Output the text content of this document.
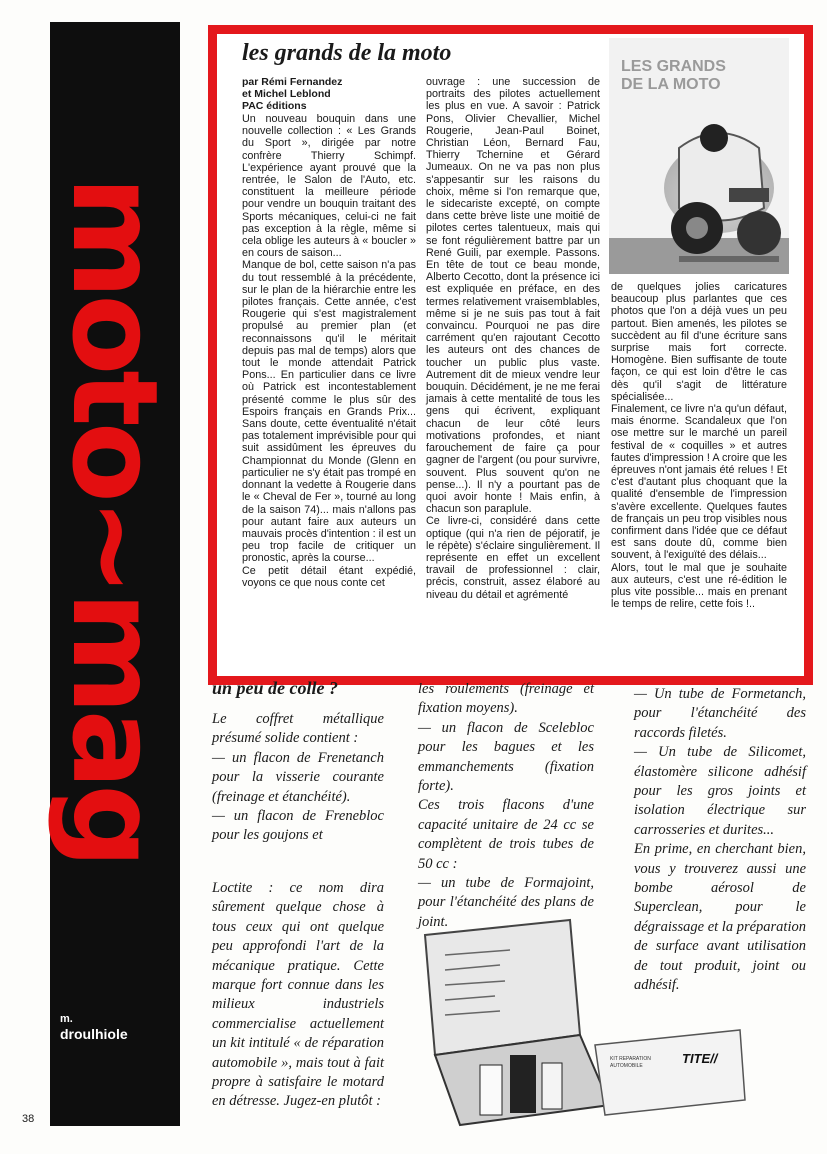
moto~mag
m.
droulhiole
38
les grands de la moto
par Rémi Fernandez
et Michel Leblond
PAC éditions
Un nouveau bouquin dans une nouvelle collection : « Les Grands du Sport », dirigée par notre confrère Thierry Schimpf. L'expérience ayant prouvé que la rentrée, le Salon de l'Auto, etc. constituent la meilleure période pour vendre un bouquin traitant des Sports mécaniques, celui-ci ne fait pas exception à la règle, même si cela oblige les auteurs à « boucler » en cours de saison...
Manque de bol, cette saison n'a pas du tout ressemblé à la précédente, sur le plan de la hiérarchie entre les pilotes français. Cette année, c'est Rougerie qui s'est magistralement propulsé au premier plan (et reconnaissons qu'il le méritait depuis pas mal de temps) alors que tout le monde attendait Patrick Pons... En particulier dans ce livre où Patrick est incontestablement présenté comme le plus sûr des Espoirs français en Grands Prix... Sans doute, cette éventualité n'était pas totalement imprévisible pour qui suit assidûment les épreuves du Championnat du Monde (Glenn en particulier ne s'y était pas trompé en donnant la vedette à Rougerie dans le « Cheval de Fer », tourné au long de la saison 74)... mais n'allons pas pour autant faire aux auteurs un mauvais procès d'intention : il est un peu trop facile de critiquer un pronostic, après la course...
Ce petit détail étant expédié, voyons ce que nous conte cet
ouvrage : une succession de portraits des pilotes actuellement les plus en vue. A savoir : Patrick Pons, Olivier Chevallier, Michel Rougerie, Jean-Paul Boinet, Christian Léon, Bernard Fau, Thierry Tchernine et Gérard Jumeaux. On ne va pas non plus s'appesantir sur les raisons du choix, même si l'on remarque que, le sidecariste excepté, on compte dans cette brève liste une moitié de pilotes certes talentueux, mais qui se font régulièrement battre par un René Guili, par exemple. Passons. En tête de tout ce beau monde, Alberto Cecotto, dont la présence ici est expliquée en préface, en des termes relativement vraisemblables, même si je ne suis pas tout à fait convaincu. Pourquoi ne pas dire carrément qu'en rajoutant Cecotto les auteurs ont des chances de toucher un public plus vaste. Autrement dit de mieux vendre leur bouquin. Décidément, je ne me ferai jamais à cette mentalité de tous les gens qui écrivent, expliquant chacun de leur côté leurs motivations profondes, et niant farouchement de faire ça pour gagner de l'argent (ou pour survivre, souvent. Plus souvent qu'on ne pense...). Il n'y a pourtant pas de quoi avoir honte ! Mais enfin, à chacun son paraplule.
Ce livre-ci, considéré dans cette optique (qui n'a rien de péjoratif, je le répète) s'éclaire singulièrement. Il représente en effet un excellent travail de professionnel : clair, précis, construit, assez élaboré au niveau du détail et agrémenté
LES GRANDS
DE LA MOTO
de quelques jolies caricatures beaucoup plus parlantes que ces photos que l'on a déjà vues un peu partout. Bien amenés, les pilotes se succèdent au fil d'une écriture sans surprise mais fort correcte. Homogène. Bien suffisante de toute façon, ce qui est loin d'être le cas dès qu'il s'agit de littérature spécialisée...
Finalement, ce livre n'a qu'un défaut, mais énorme. Scandaleux que l'on ose mettre sur le marché un pareil festival de « coquilles » et autres fautes d'impression ! A croire que les épreuves n'ont jamais été relues ! Et c'est d'autant plus choquant que la qualité d'ensemble de l'impression s'avère excellente. Quelques fautes de français un peu trop visibles nous confirment dans l'idée que ce défaut est sans doute dû, comme bien souvent, à l'exiguïté des délais...
Alors, tout le mal que je souhaite aux auteurs, c'est une ré-édition le plus vite possible... mais en prenant le temps de relire, cette fois !..
un peu de colle ?
Le coffret métallique présumé solide contient :
— un flacon de Frenetanch pour la visserie courante (freinage et étanchéité).
— un flacon de Frenebloc pour les goujons et
Loctite : ce nom dira sûrement quelque chose à tous ceux qui ont quelque peu approfondi l'art de la mécanique pratique. Cette marque fort connue dans les milieux industriels commercialise actuellement un kit intitulé « de réparation automobile », mais tout à fait propre à satisfaire le motard en détresse. Jugez-en plutôt :
les roulements (freinage et fixation moyens).
— un flacon de Scelebloc pour les bagues et les emmanchements (fixation forte).
Ces trois flacons d'une capacité unitaire de 24 cc se complètent de trois tubes de 50 cc :
— un tube de Formajoint, pour l'étanchéité des plans de joint.
— Un tube de Formetanch, pour l'étanchéité des raccords filetés.
— Un tube de Silicomet, élastomère silicone adhésif pour les gros joints et isolation électrique sur carrosseries et durites...
En prime, en cherchant bien, vous y trouverez aussi une bombe aérosol de Superclean, pour le dégraissage et la préparation de surface avant utilisation de tout produit, joint ou adhésif.
KIT REPARATION
AUTOMOBILE	TITE//
